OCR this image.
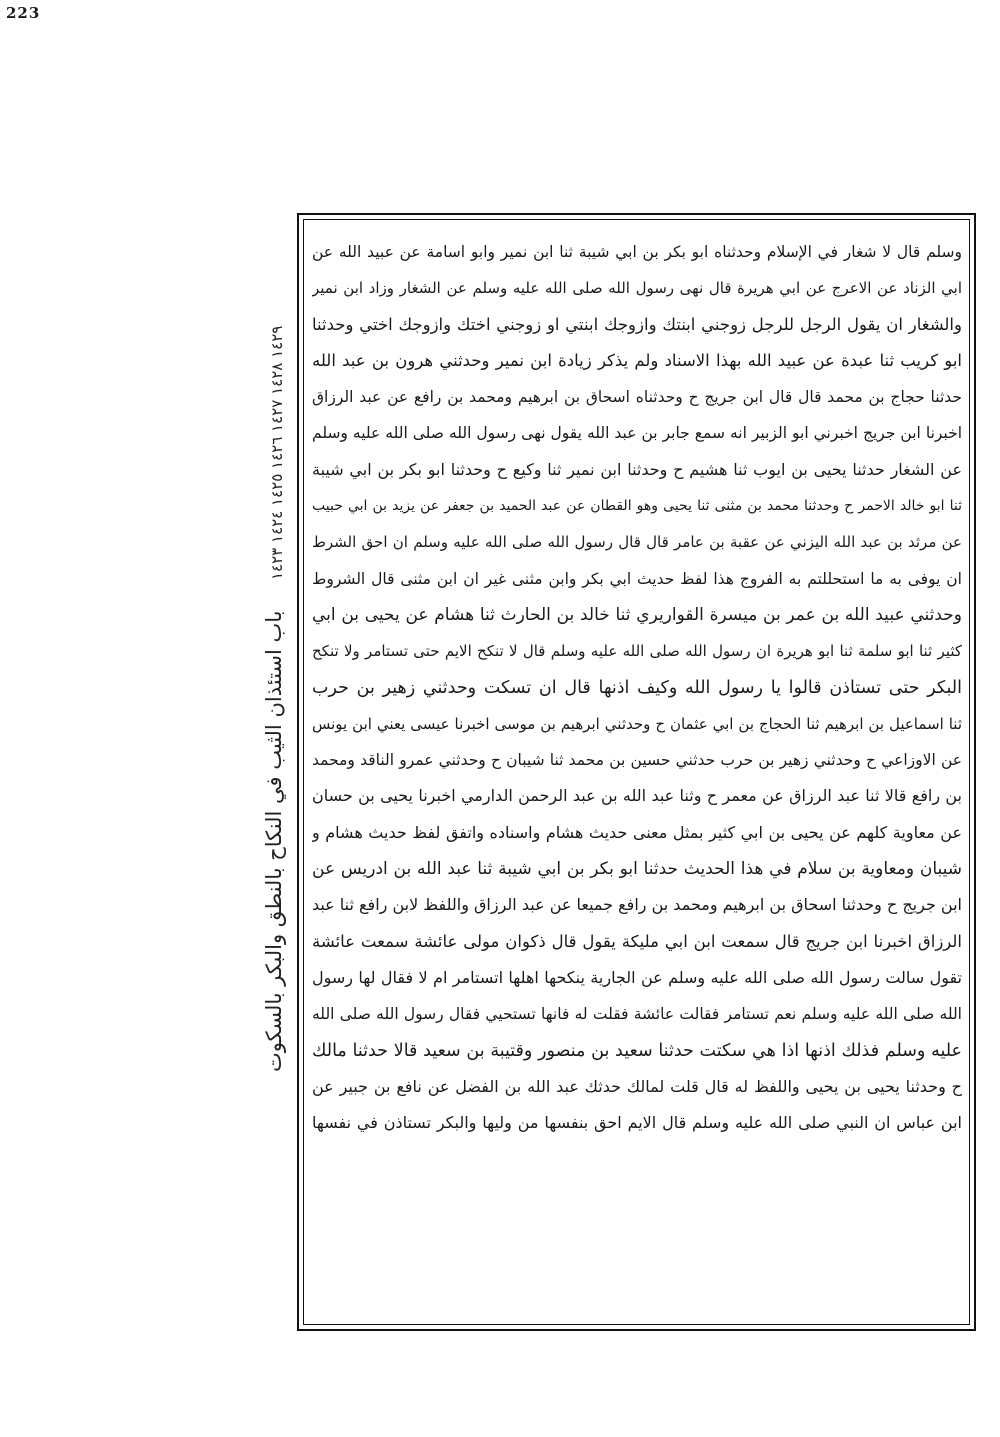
223
١٤٢٩ ١٤٢٨ ١٤٢٧ ١٤٢٦ ١٤٢٥ ١٤٢٤ ١٤٢٣
باب استئذان الثيب في النكاح بالنطق والبكر بالسكوت
وسلم قال لا شغار في الإسلام وحدثناه ابو بكر بن ابي شيبة ثنا ابن نمير وابو اسامة عن عبيد الله عن
ابي الزناد عن الاعرج عن ابي هريرة قال نهى رسول الله صلى الله عليه وسلم عن الشغار وزاد ابن نمير
والشغار ان يقول الرجل للرجل زوجني ابنتك وازوجك ابنتي او زوجني اختك وازوجك اختي وحدثنا
ابو كريب ثنا عبدة عن عبيد الله بهذا الاسناد ولم يذكر زيادة ابن نمير وحدثني هرون بن عبد الله
حدثنا حجاج بن محمد قال قال ابن جريج ح وحدثناه اسحاق بن ابرهيم ومحمد بن رافع عن عبد الرزاق
اخبرنا ابن جريج اخبرني ابو الزبير انه سمع جابر بن عبد الله يقول نهى رسول الله صلى الله عليه وسلم
عن الشغار حدثنا يحيى بن ايوب ثنا هشيم ح وحدثنا ابن نمير ثنا وكيع ح وحدثنا ابو بكر بن ابي شيبة
ثنا ابو خالد الاحمر ح وحدثنا محمد بن مثنى ثنا يحيى وهو القطان عن عبد الحميد بن جعفر عن يزيد بن ابي حبيب
عن مرثد بن عبد الله اليزني عن عقبة بن عامر قال قال رسول الله صلى الله عليه وسلم ان احق الشرط
ان يوفى به ما استحللتم به الفروج هذا لفظ حديث ابي بكر وابن مثنى غير ان ابن مثنى قال الشروط
وحدثني عبيد الله بن عمر بن ميسرة القواريري ثنا خالد بن الحارث ثنا هشام عن يحيى بن ابي
كثير ثنا ابو سلمة ثنا ابو هريرة ان رسول الله صلى الله عليه وسلم قال لا تنكح الايم حتى تستامر ولا تنكح
البكر حتى تستاذن قالوا يا رسول الله وكيف اذنها قال ان تسكت وحدثني زهير بن حرب
ثنا اسماعيل بن ابرهيم ثنا الحجاج بن ابي عثمان ح وحدثني ابرهيم بن موسى اخبرنا عيسى يعني ابن يونس
عن الاوزاعي ح وحدثني زهير بن حرب حدثني حسين بن محمد ثنا شيبان ح وحدثني عمرو الناقد ومحمد
بن رافع قالا ثنا عبد الرزاق عن معمر ح وثنا عبد الله بن عبد الرحمن الدارمي اخبرنا يحيى بن حسان
عن معاوية كلهم عن يحيى بن ابي كثير بمثل معنى حديث هشام واسناده واتفق لفظ حديث هشام و
شيبان ومعاوية بن سلام في هذا الحديث حدثنا ابو بكر بن ابي شيبة ثنا عبد الله بن ادريس عن
ابن جريج ح وحدثنا اسحاق بن ابرهيم ومحمد بن رافع جميعا عن عبد الرزاق واللفظ لابن رافع ثنا عبد
الرزاق اخبرنا ابن جريج قال سمعت ابن ابي مليكة يقول قال ذكوان مولى عائشة سمعت عائشة
تقول سالت رسول الله صلى الله عليه وسلم عن الجارية ينكحها اهلها اتستامر ام لا فقال لها رسول
الله صلى الله عليه وسلم نعم تستامر فقالت عائشة فقلت له فانها تستحيي فقال رسول الله صلى الله
عليه وسلم فذلك اذنها اذا هي سكتت حدثنا سعيد بن منصور وقتيبة بن سعيد قالا حدثنا مالك
ح وحدثنا يحيى بن يحيى واللفظ له قال قلت لمالك حدثك عبد الله بن الفضل عن نافع بن جبير عن
ابن عباس ان النبي صلى الله عليه وسلم قال الايم احق بنفسها من وليها والبكر تستاذن في نفسها
